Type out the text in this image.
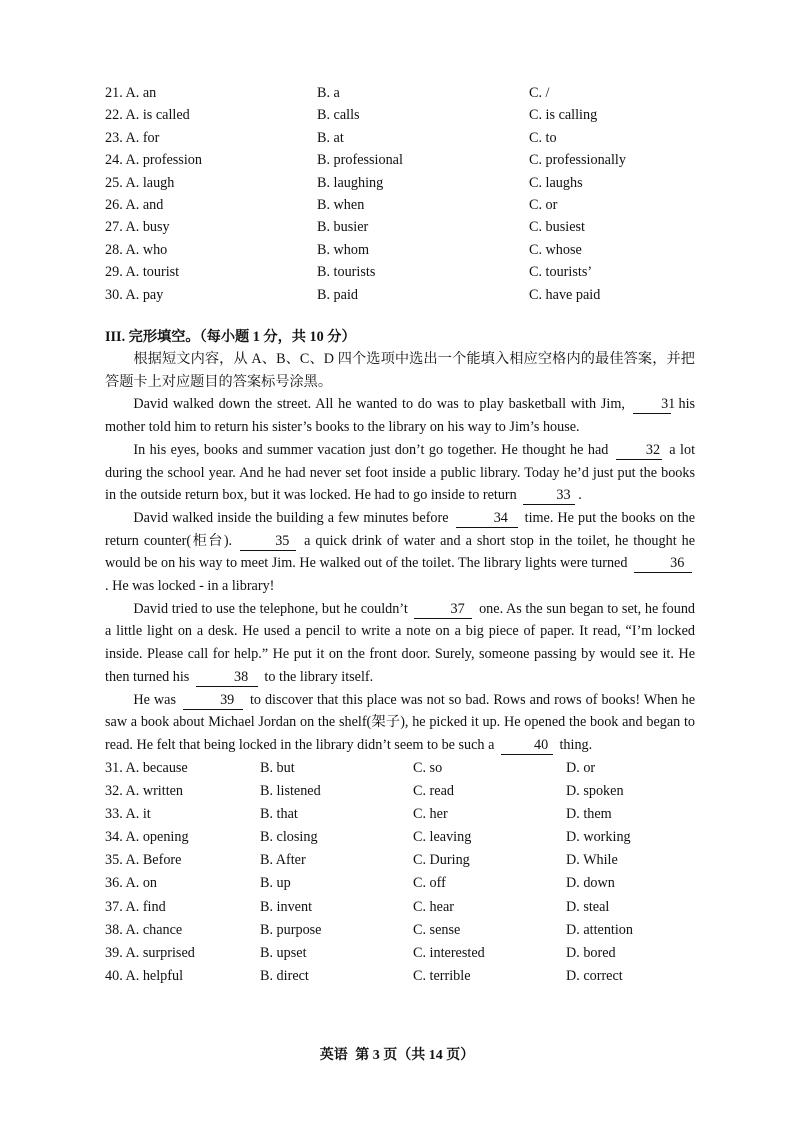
21. A. an	B. a	C. /
22. A. is called	B. calls	C. is calling
23. A. for	B. at	C. to
24. A. profession	B. professional	C. professionally
25. A. laugh	B. laughing	C. laughs
26. A. and	B. when	C. or
27. A. busy	B. busier	C. busiest
28. A. who	B. whom	C. whose
29. A. tourist	B. tourists	C. tourists’
30. A. pay	B. paid	C. have paid
III. 完形填空。（每小题 1 分，共 10 分）
根据短文内容，从 A、B、C、D 四个选项中选出一个能填入相应空格内的最佳答案，并把答题卡上对应题目的答案标号涂黑。
David walked down the street. All he wanted to do was to play basketball with Jim,	31 his mother told him to return his sister’s books to the library on his way to Jim’s house.
In his eyes, books and summer vacation just don’t go together. He thought he had	32 a lot during the school year. And he had never set foot inside a public library. Today he’d just put the books in the outside return box, but it was locked. He had to go inside to return	33 .
David walked inside the building a few minutes before	34 time. He put the books on the return counter(柜台).	35 a quick drink of water and a short stop in the toilet, he thought he would be on his way to meet Jim. He walked out of the toilet. The library lights were turned	36. He was locked - in a library!
David tried to use the telephone, but he couldn’t	37 one. As the sun began to set, he found a little light on a desk. He used a pencil to write a note on a big piece of paper. It read, “I’m locked inside. Please call for help.” He put it on the front door. Surely, someone passing by would see it. He then turned his	38 to the library itself.
He was	39 to discover that this place was not so bad. Rows and rows of books! When he saw a book about Michael Jordan on the shelf(架子), he picked it up. He opened the book and began to read. He felt that being locked in the library didn’t seem to be such a	40 thing.
31. A. because	B. but	C. so	D. or
32. A. written	B. listened	C. read	D. spoken
33. A. it	B. that	C. her	D. them
34. A. opening	B. closing	C. leaving	D. working
35. A. Before	B. After	C. During	D. While
36. A. on	B. up	C. off	D. down
37. A. find	B. invent	C. hear	D. steal
38. A. chance	B. purpose	C. sense	D. attention
39. A. surprised	B. upset	C. interested	D. bored
40. A. helpful	B. direct	C. terrible	D. correct
英语 第 3 页（共 14 页）
